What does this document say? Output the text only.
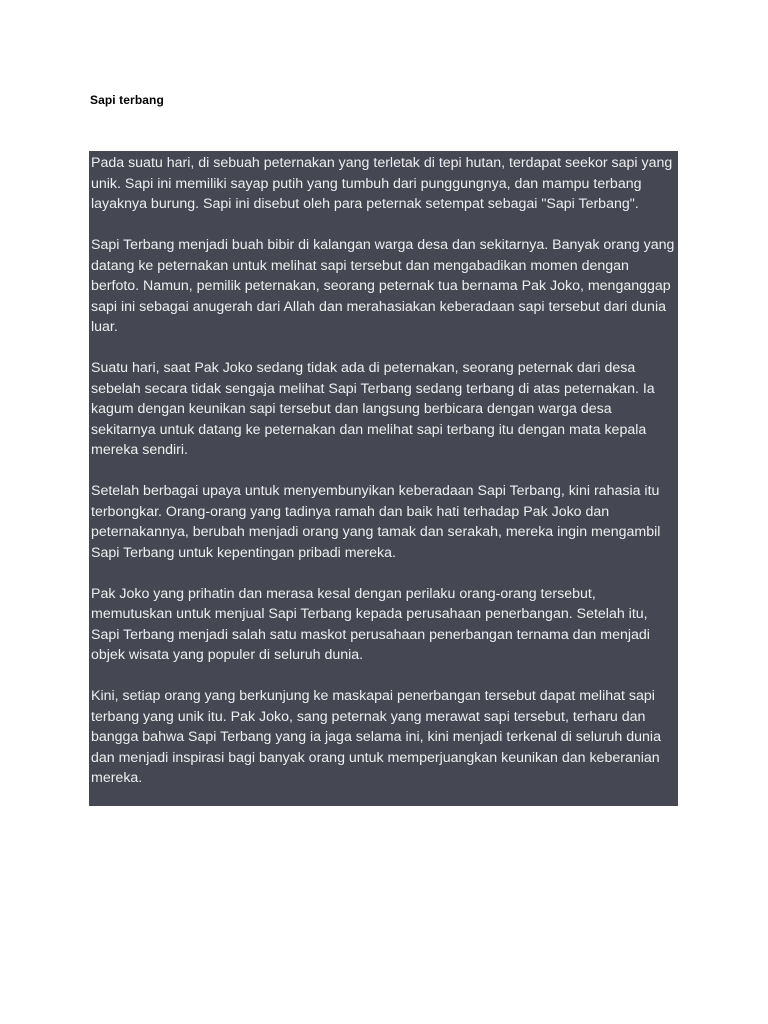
Sapi terbang

Pada suatu hari, di sebuah peternakan yang terletak di tepi hutan, terdapat seekor sapi yang unik. Sapi ini memiliki sayap putih yang tumbuh dari punggungnya, dan mampu terbang layaknya burung. Sapi ini disebut oleh para peternak setempat sebagai "Sapi Terbang".

Sapi Terbang menjadi buah bibir di kalangan warga desa dan sekitarnya. Banyak orang yang datang ke peternakan untuk melihat sapi tersebut dan mengabadikan momen dengan berfoto. Namun, pemilik peternakan, seorang peternak tua bernama Pak Joko, menganggap sapi ini sebagai anugerah dari Allah dan merahasiakan keberadaan sapi tersebut dari dunia luar.

Suatu hari, saat Pak Joko sedang tidak ada di peternakan, seorang peternak dari desa sebelah secara tidak sengaja melihat Sapi Terbang sedang terbang di atas peternakan. Ia kagum dengan keunikan sapi tersebut dan langsung berbicara dengan warga desa sekitarnya untuk datang ke peternakan dan melihat sapi terbang itu dengan mata kepala mereka sendiri.

Setelah berbagai upaya untuk menyembunyikan keberadaan Sapi Terbang, kini rahasia itu terbongkar. Orang-orang yang tadinya ramah dan baik hati terhadap Pak Joko dan peternakannya, berubah menjadi orang yang tamak dan serakah, mereka ingin mengambil Sapi Terbang untuk kepentingan pribadi mereka.

Pak Joko yang prihatin dan merasa kesal dengan perilaku orang-orang tersebut, memutuskan untuk menjual Sapi Terbang kepada perusahaan penerbangan. Setelah itu, Sapi Terbang menjadi salah satu maskot perusahaan penerbangan ternama dan menjadi objek wisata yang populer di seluruh dunia.

Kini, setiap orang yang berkunjung ke maskapai penerbangan tersebut dapat melihat sapi terbang yang unik itu. Pak Joko, sang peternak yang merawat sapi tersebut, terharu dan bangga bahwa Sapi Terbang yang ia jaga selama ini, kini menjadi terkenal di seluruh dunia dan menjadi inspirasi bagi banyak orang untuk memperjuangkan keunikan dan keberanian mereka.
